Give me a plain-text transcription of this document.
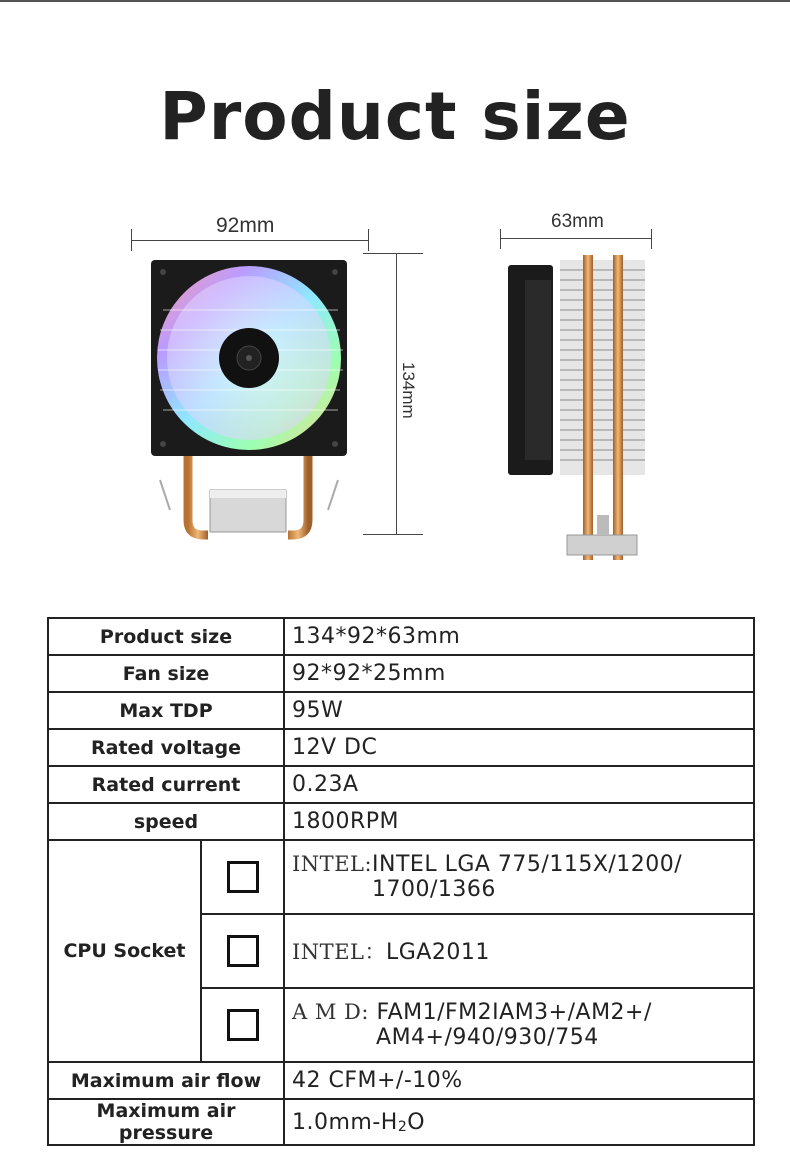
Product size
92mm	63mm
134mm
Product size		134*92*63mm
Fan size		92*92*25mm
Max TDP		95W
Rated voltage		12V DC
Rated current		0.23A
speed		1800RPM
CPU Socket		INTEL:INTEL LGA 775/115X/1200/
1700/1366

		INTEL：LGA2011
		A M D: FAM1/FM2IAM3+/AM2+/
AM4+/940/930/754

Maximum air flow		42 CFM+/-10%
Maximum air pressure		$1.0mm-H_2O$
